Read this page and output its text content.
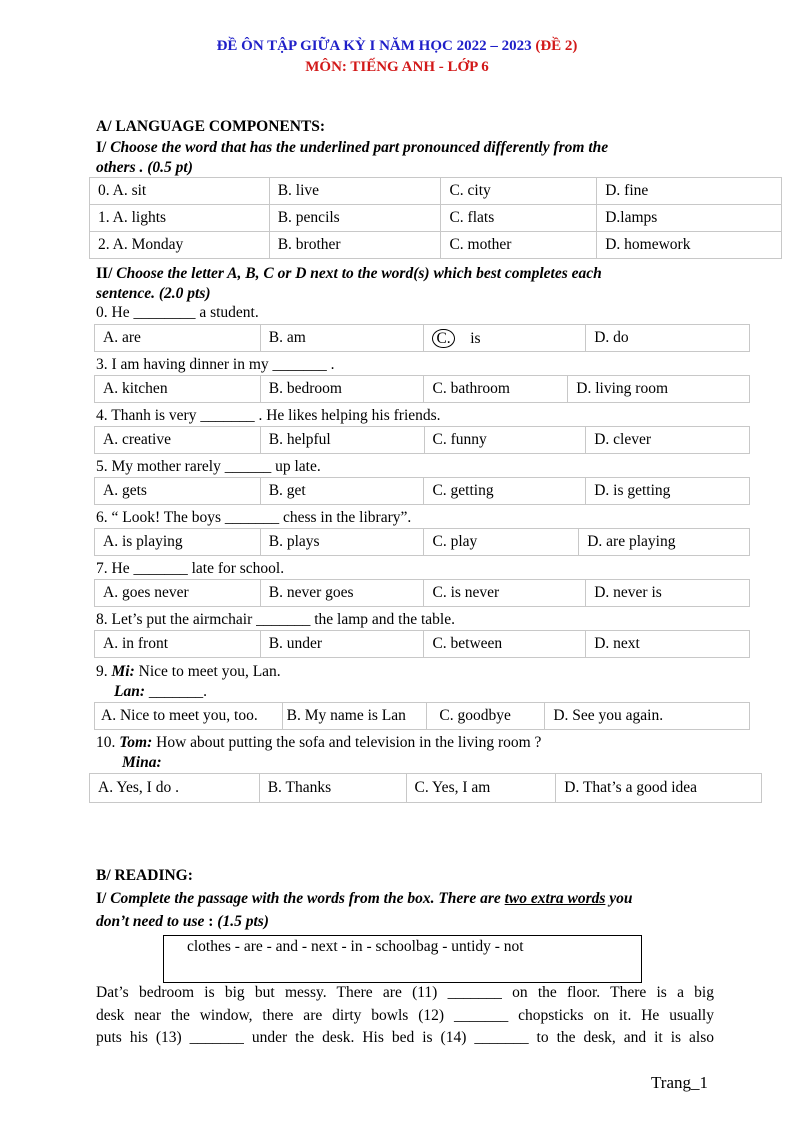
ĐỀ ÔN TẬP GIỮA KỲ I NĂM HỌC 2022 – 2023 (ĐỀ 2)
MÔN: TIẾNG ANH - LỚP 6
A/ LANGUAGE COMPONENTS:
I/ Choose the word that has the underlined part pronounced differently from the
others . (0.5 pt)
0. A. sit	B. live	C. city	D. fine
1. A. lights	B. pencils	C. flats	D.lamps
2. A. Monday	B. brother	C. mother	D. homework
II/ Choose the letter A, B, C or D next to the word(s) which best completes each
sentence. (2.0 pts)
0. He ________ a student.
A. are	B. am	C. is	D. do
3. I am having dinner in my _______ .
A. kitchen	B. bedroom	C. bathroom	D. living room
4. Thanh is very _______ . He likes helping his friends.
A. creative	B. helpful	C. funny	D. clever
5. My mother rarely ______ up late.
A. gets	B. get	C. getting	D. is getting
6. “ Look! The boys _______ chess in the library”.
A. is playing	B. plays	C. play	D. are playing
7. He _______ late for school.
A. goes never	B. never goes	C. is never	D. never is
8. Let’s put the airmchair _______ the lamp and the table.
A. in front	B. under	C. between	D. next
9. Mi: Nice to meet you, Lan.
Lan: _______.
A. Nice to meet you, too.	B. My name is Lan	C. goodbye	D. See you again.
10. Tom: How about putting the sofa and television in the living room ?
Mina:
A. Yes, I do .	B. Thanks	C. Yes, I am	D. That’s a good idea
B/ READING:
I/ Complete the passage with the words from the box. There are two extra words you
don’t need to use : (1.5 pts)
clothes - are - and - next - in - schoolbag - untidy - not
Dat’s bedroom is big but messy. There are (11) _______ on the floor. There is a big
desk near the window, there are dirty bowls (12) _______ chopsticks on it. He usually
puts his (13) _______ under the desk. His bed is (14) _______ to the desk, and it is also
Trang_1
